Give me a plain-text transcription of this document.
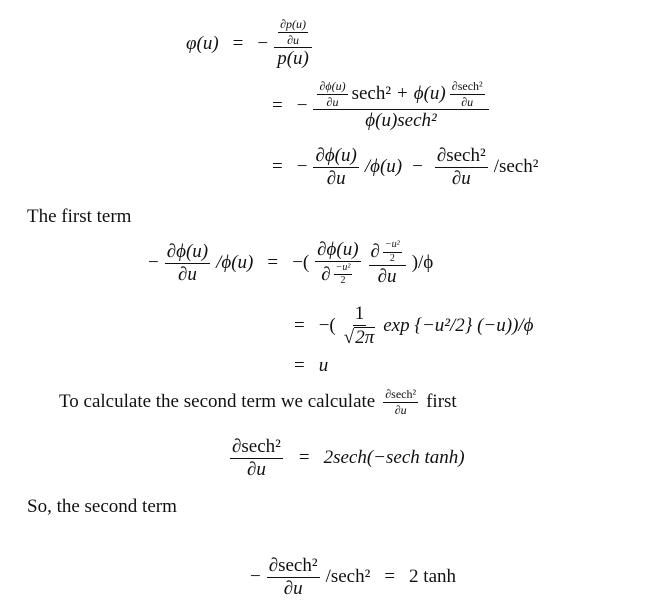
φ(u) = − $\frac{\frac{\partial p(u)}{\partial u}}{p(u)}$
= − $\frac{\partial\phi(u)}{\partial u} \sec h^2 + \phi(u) \frac{\text{∂sech²}}{\partial u}$
ϕ(u)sech²
= − $\frac{\partial\phi(u)}{\partial u} /\phi(u) - \frac{\text{∂sech²}}{\partial u} /\sec h^2$
The first term
− $\frac{\partial\phi(u)}{\partial u} /\phi(u)$ = −( $\frac{\partial\phi(u)}{\partial \frac{\text{−u²}}{2}} \frac{\partial \frac{\text{−u²}}{2}}{\partial u} )/\phi$
= −( $\frac{1}{√ 2\pi}$ exp {−u²/2} (−u))/ϕ
= u
To calculate the second term we calculate $\frac{\text{∂sech²}}{\partial u}$ first
$\frac{\text{∂sech²}}{\partial u} = 2\sec h(-\sec h$ tanh)
So, the second term
− $\frac{\text{∂sech²}}{\partial u} /\sec h^2 = 2$ tanh
